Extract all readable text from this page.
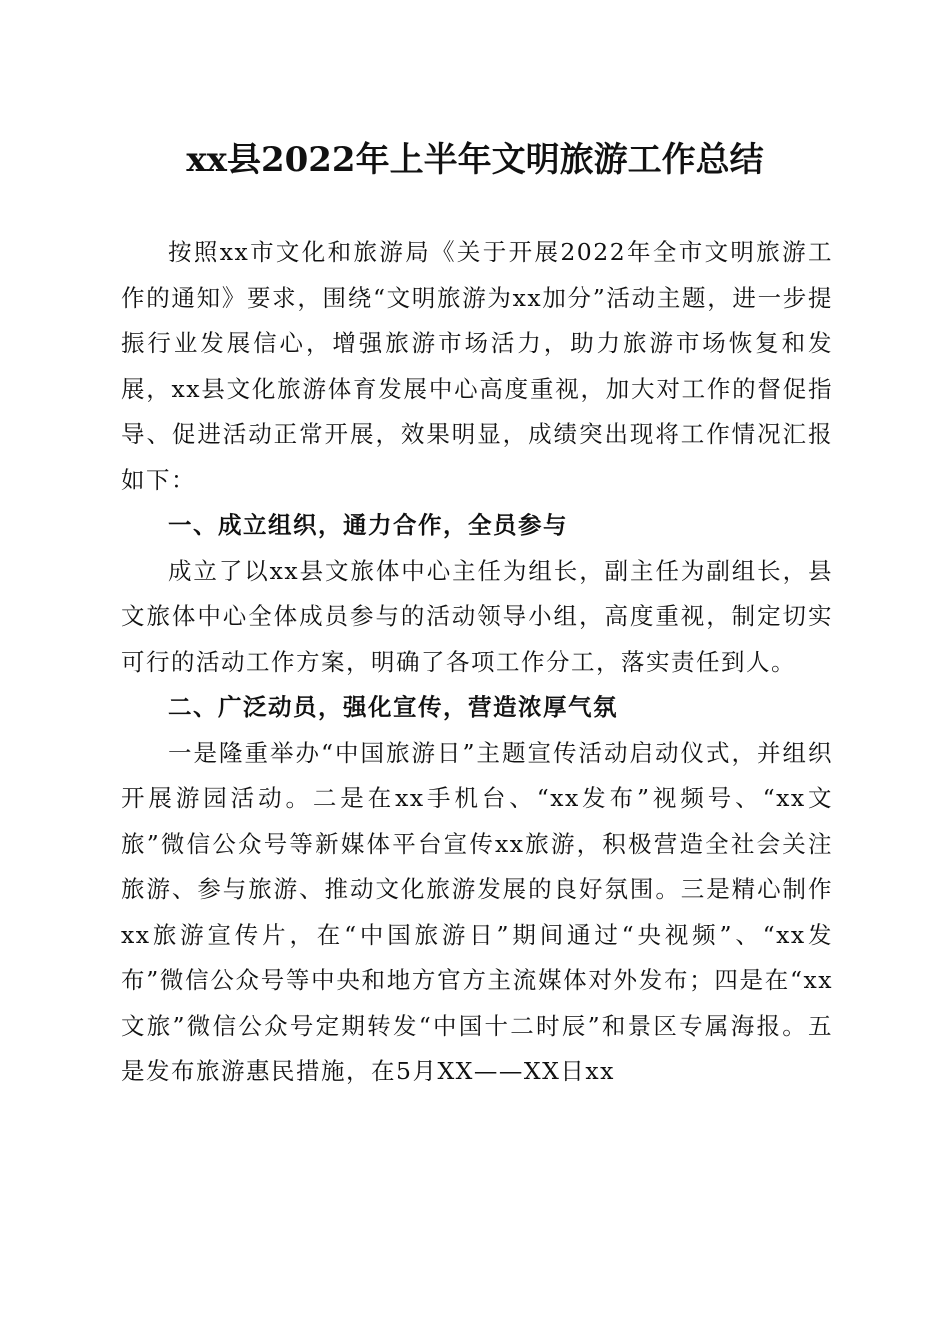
xx县2022年上半年文明旅游工作总结

按照xx市文化和旅游局《关于开展2022年全市文明旅游工作的通知》要求，围绕“文明旅游为xx加分”活动主题，进一步提振行业发展信心，增强旅游市场活力，助力旅游市场恢复和发展，xx县文化旅游体育发展中心高度重视，加大对工作的督促指导、促进活动正常开展，效果明显，成绩突出现将工作情况汇报如下：

一、成立组织，通力合作，全员参与

成立了以xx县文旅体中心主任为组长，副主任为副组长，县文旅体中心全体成员参与的活动领导小组，高度重视，制定切实可行的活动工作方案，明确了各项工作分工，落实责任到人。

二、广泛动员，强化宣传，营造浓厚气氛

一是隆重举办“中国旅游日”主题宣传活动启动仪式，并组织开展游园活动。二是在xx手机台、“xx发布”视频号、“xx文旅”微信公众号等新媒体平台宣传xx旅游，积极营造全社会关注旅游、参与旅游、推动文化旅游发展的良好氛围。三是精心制作xx旅游宣传片，在“中国旅游日”期间通过“央视频”、“xx发布”微信公众号等中央和地方官方主流媒体对外发布；四是在“xx文旅”微信公众号定期转发“中国十二时辰”和景区专属海报。五是发布旅游惠民措施，在5月XX——XX日xx
